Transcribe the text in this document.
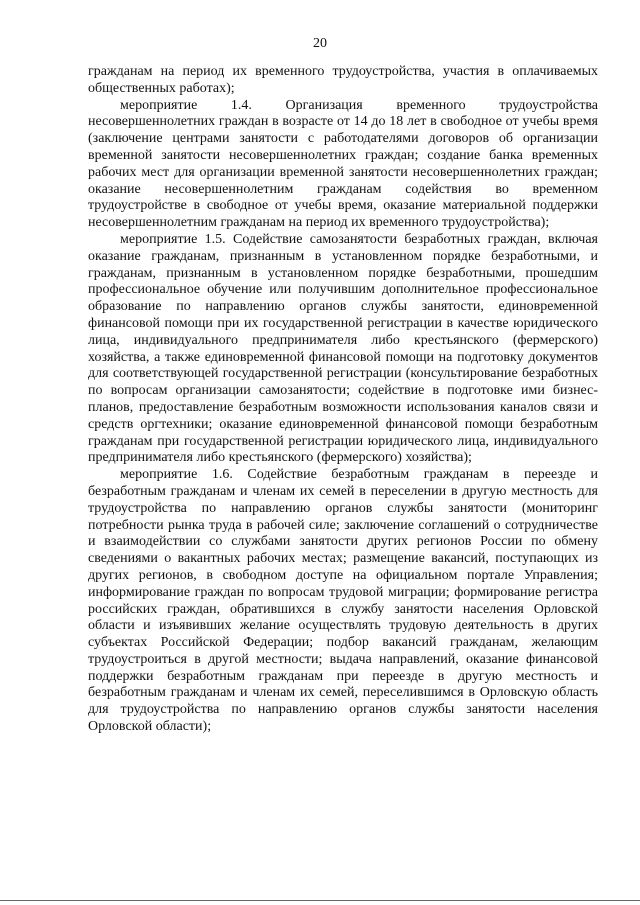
20

гражданам на период их временного трудоустройства, участия в оплачиваемых общественных работах);

мероприятие 1.4. Организация временного трудоустройства несовершеннолетних граждан в возрасте от 14 до 18 лет в свободное от учебы время (заключение центрами занятости с работодателями договоров об организации временной занятости несовершеннолетних граждан; создание банка временных рабочих мест для организации временной занятости несовершеннолетних граждан; оказание несовершеннолетним гражданам содействия во временном трудоустройстве в свободное от учебы время, оказание материальной поддержки несовершеннолетним гражданам на период их временного трудоустройства);

мероприятие 1.5. Содействие самозанятости безработных граждан, включая оказание гражданам, признанным в установленном порядке безработными, и гражданам, признанным в установленном порядке безработными, прошедшим профессиональное обучение или получившим дополнительное профессиональное образование по направлению органов службы занятости, единовременной финансовой помощи при их государственной регистрации в качестве юридического лица, индивидуального предпринимателя либо крестьянского (фермерского) хозяйства, а также единовременной финансовой помощи на подготовку документов для соответствующей государственной регистрации (консультирование безработных по вопросам организации самозанятости; содействие в подготовке ими бизнес-планов, предоставление безработным возможности использования каналов связи и средств оргтехники; оказание единовременной финансовой помощи безработным гражданам при государственной регистрации юридического лица, индивидуального предпринимателя либо крестьянского (фермерского) хозяйства);

мероприятие 1.6. Содействие безработным гражданам в переезде и безработным гражданам и членам их семей в переселении в другую местность для трудоустройства по направлению органов службы занятости (мониторинг потребности рынка труда в рабочей силе; заключение соглашений о сотрудничестве и взаимодействии со службами занятости других регионов России по обмену сведениями о вакантных рабочих местах; размещение вакансий, поступающих из других регионов, в свободном доступе на официальном портале Управления; информирование граждан по вопросам трудовой миграции; формирование регистра российских граждан, обратившихся в службу занятости населения Орловской области и изъявивших желание осуществлять трудовую деятельность в других субъектах Российской Федерации; подбор вакансий гражданам, желающим трудоустроиться в другой местности; выдача направлений, оказание финансовой поддержки безработным гражданам при переезде в другую местность и безработным гражданам и членам их семей, переселившимся в Орловскую область для трудоустройства по направлению органов службы занятости населения Орловской области);
